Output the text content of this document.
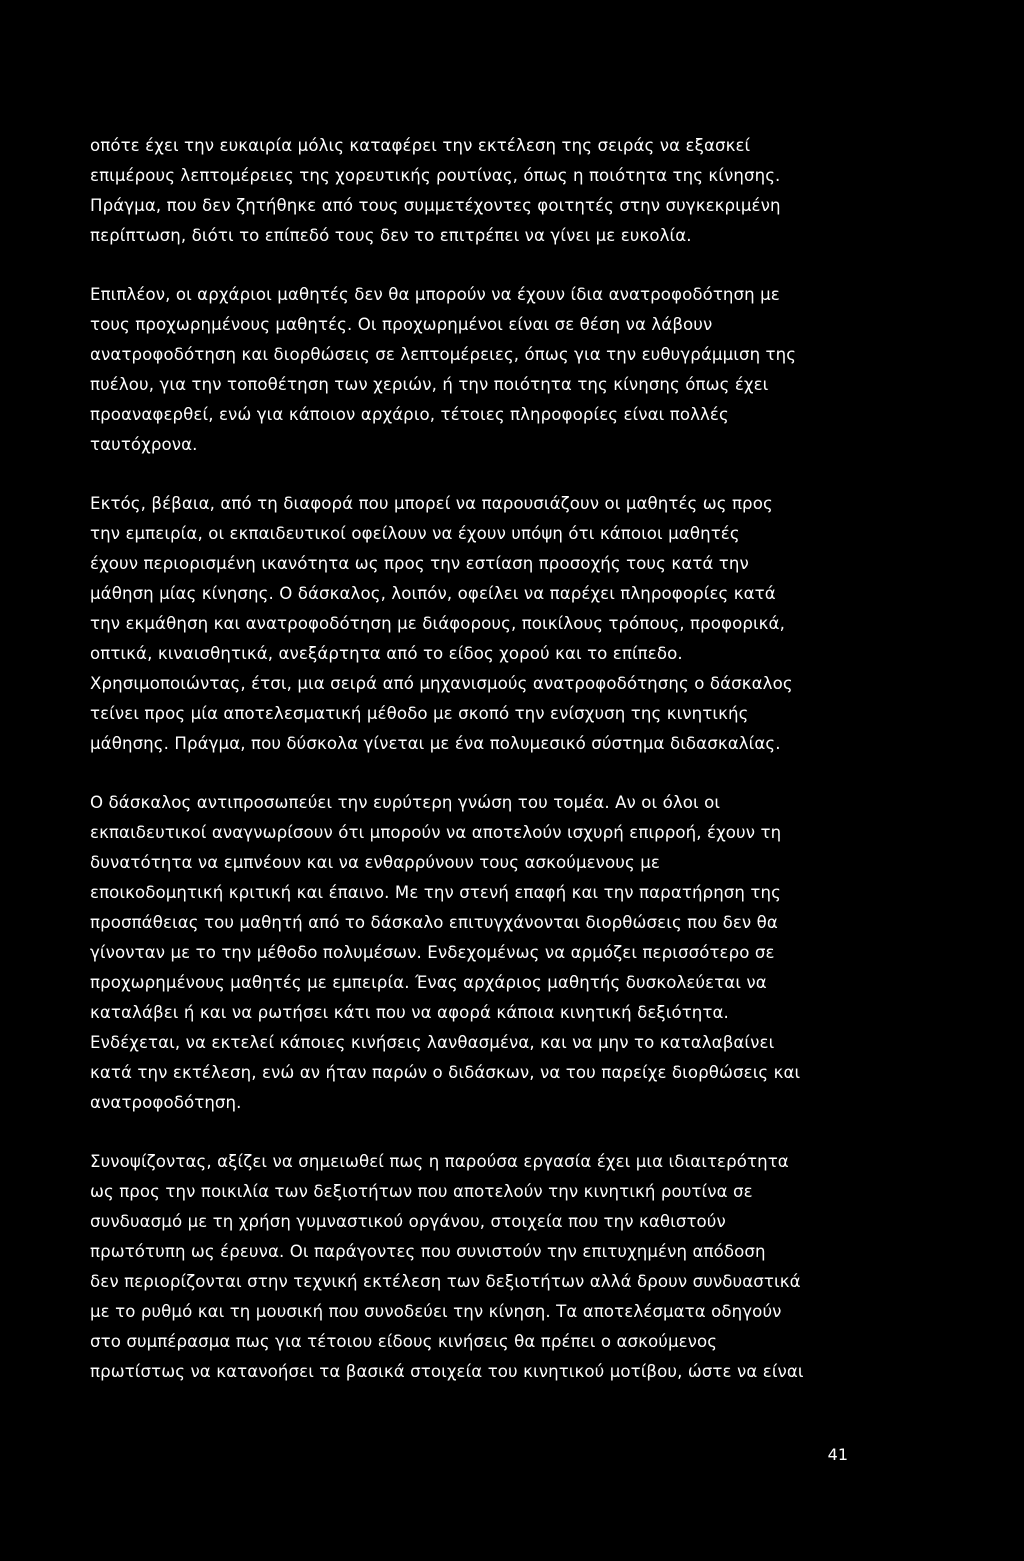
οπότε έχει την ευκαιρία μόλις καταφέρει την εκτέλεση της σειράς να εξασκεί
επιμέρους λεπτομέρειες της χορευτικής ρουτίνας, όπως η ποιότητα της κίνησης.
Πράγμα, που δεν ζητήθηκε από τους συμμετέχοντες φοιτητές στην συγκεκριμένη
περίπτωση, διότι το επίπεδό τους δεν το επιτρέπει να γίνει με ευκολία.

Επιπλέον, οι αρχάριοι μαθητές δεν θα μπορούν να έχουν ίδια ανατροφοδότηση με
τους προχωρημένους μαθητές. Οι προχωρημένοι είναι σε θέση να λάβουν
ανατροφοδότηση και διορθώσεις σε λεπτομέρειες, όπως για την ευθυγράμμιση της
πυέλου, για την τοποθέτηση των χεριών, ή την ποιότητα της κίνησης όπως έχει
προαναφερθεί, ενώ για κάποιον αρχάριο, τέτοιες πληροφορίες είναι πολλές
ταυτόχρονα.

Εκτός, βέβαια, από τη διαφορά που μπορεί να παρουσιάζουν οι μαθητές ως προς
την εμπειρία, οι εκπαιδευτικοί οφείλουν να έχουν υπόψη ότι κάποιοι μαθητές
έχουν περιορισμένη ικανότητα ως προς την εστίαση προσοχής τους κατά την
μάθηση μίας κίνησης. Ο δάσκαλος, λοιπόν, οφείλει να παρέχει πληροφορίες κατά
την εκμάθηση και ανατροφοδότηση με διάφορους, ποικίλους τρόπους, προφορικά,
οπτικά, κιναισθητικά, ανεξάρτητα από το είδος χορού και το επίπεδο.
Χρησιμοποιώντας, έτσι, μια σειρά από μηχανισμούς ανατροφοδότησης ο δάσκαλος
τείνει προς μία αποτελεσματική μέθοδο με σκοπό την ενίσχυση της κινητικής
μάθησης. Πράγμα, που δύσκολα γίνεται με ένα πολυμεσικό σύστημα διδασκαλίας.

Ο δάσκαλος αντιπροσωπεύει την ευρύτερη γνώση του τομέα. Αν οι όλοι οι
εκπαιδευτικοί αναγνωρίσουν ότι μπορούν να αποτελούν ισχυρή επιρροή, έχουν τη
δυνατότητα να εμπνέουν και να ενθαρρύνουν τους ασκούμενους με
εποικοδομητική κριτική και έπαινο. Με την στενή επαφή και την παρατήρηση της
προσπάθειας του μαθητή από το δάσκαλο επιτυγχάνονται διορθώσεις που δεν θα
γίνονταν με το την μέθοδο πολυμέσων. Ενδεχομένως να αρμόζει περισσότερο σε
προχωρημένους μαθητές με εμπειρία. Ένας αρχάριος μαθητής δυσκολεύεται να
καταλάβει ή και να ρωτήσει κάτι που να αφορά κάποια κινητική δεξιότητα.
Ενδέχεται, να εκτελεί κάποιες κινήσεις λανθασμένα, και να μην το καταλαβαίνει
κατά την εκτέλεση, ενώ αν ήταν παρών ο διδάσκων, να του παρείχε διορθώσεις και
ανατροφοδότηση.

Συνοψίζοντας, αξίζει να σημειωθεί πως η παρούσα εργασία έχει μια ιδιαιτερότητα
ως προς την ποικιλία των δεξιοτήτων που αποτελούν την κινητική ρουτίνα σε
συνδυασμό με τη χρήση γυμναστικού οργάνου, στοιχεία που την καθιστούν
πρωτότυπη ως έρευνα. Οι παράγοντες που συνιστούν την επιτυχημένη απόδοση
δεν περιορίζονται στην τεχνική εκτέλεση των δεξιοτήτων αλλά δρουν συνδυαστικά
με το ρυθμό και τη μουσική που συνοδεύει την κίνηση. Τα αποτελέσματα οδηγούν
στο συμπέρασμα πως για τέτοιου είδους κινήσεις θα πρέπει ο ασκούμενος
πρωτίστως να κατανοήσει τα βασικά στοιχεία του κινητικού μοτίβου, ώστε να είναι

41
